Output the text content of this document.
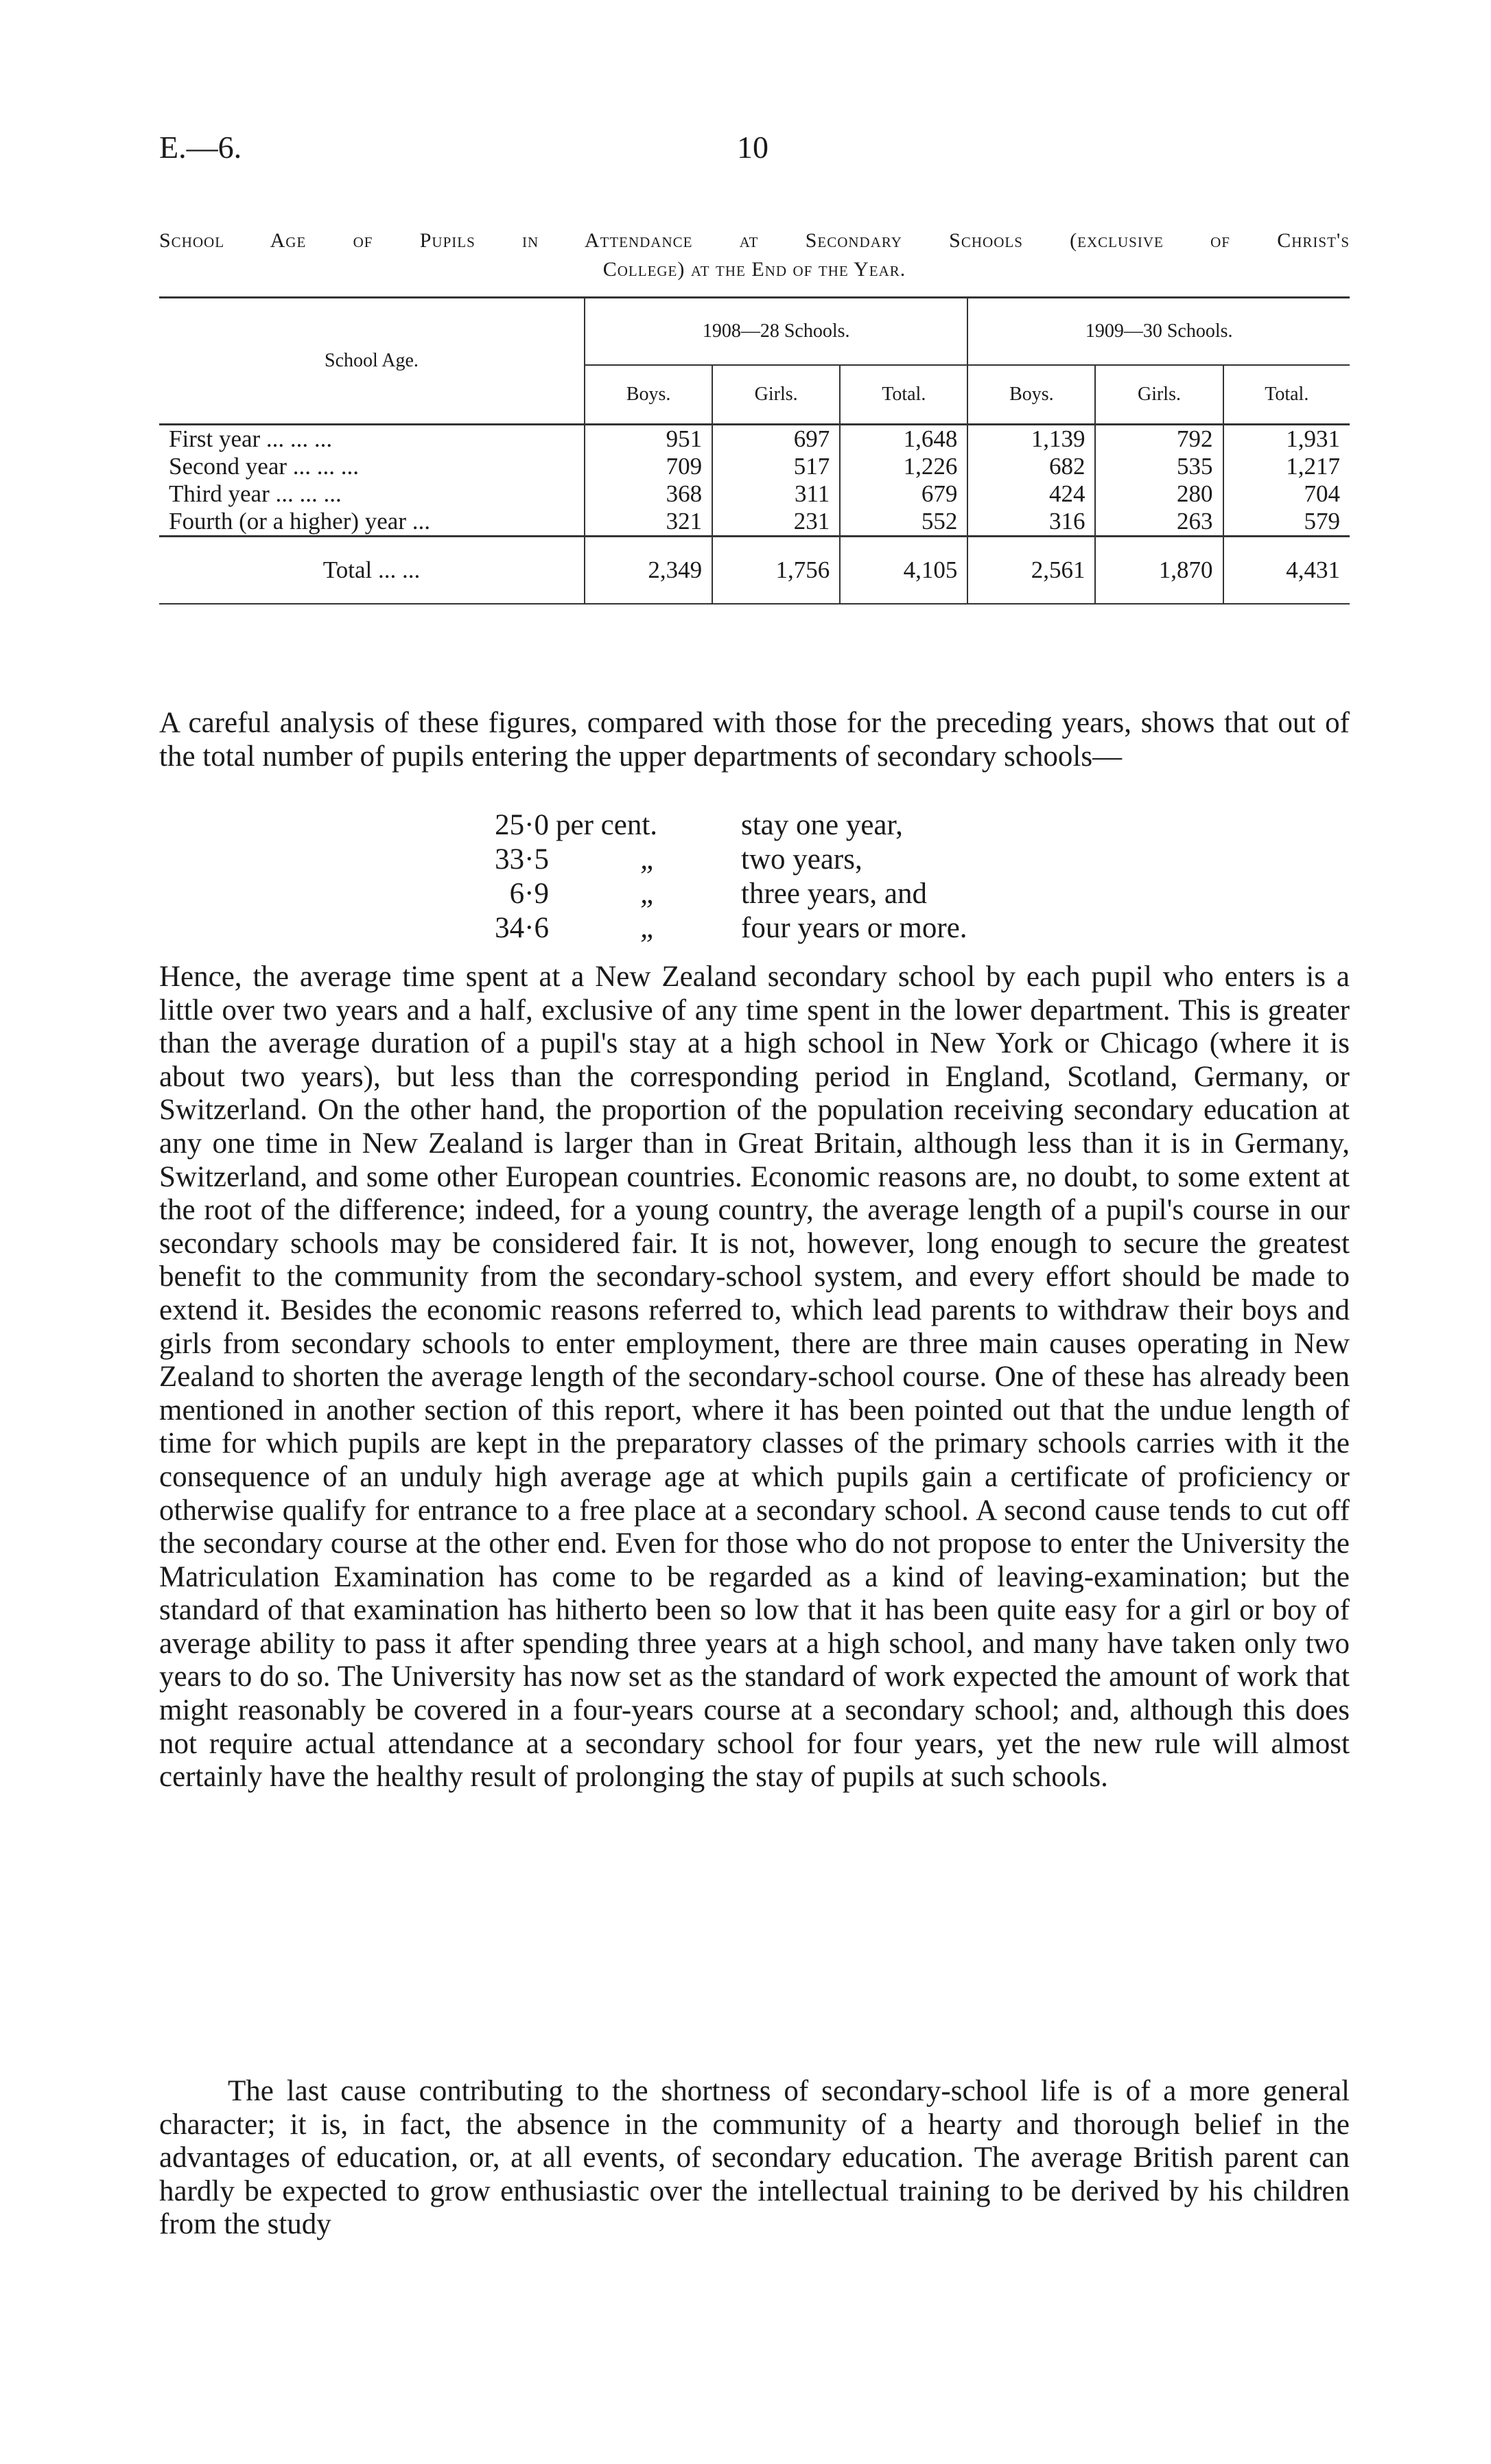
E.—6.	10
School Age of Pupils in Attendance at Secondary Schools (exclusive of Christ's
College) at the End of the Year.

School Age.	1908—28 Schools.			1909—30 Schools.		
	Boys.	Girls.	Total.	Boys.	Girls.	Total.

First year ... ... ...	951	697	1,648	1,139	792	1,931
Second year ... ... ...	709	517	1,226	682	535	1,217
Third year ... ... ...	368	311	679	424	280	704
Fourth (or a higher) year ...	321	231	552	316	263	579
Total ... ...	2,349	1,756	4,105	2,561	1,870	4,431

A careful analysis of these figures, compared with those for the preceding years, shows that out of the total number of pupils entering the upper departments of secondary schools—

25·0 per cent.	stay one year,
33·5	„	two years,
6·9	„	three years, and
34·6	„	four years or more.

Hence, the average time spent at a New Zealand secondary school by each pupil who enters is a little over two years and a half, exclusive of any time spent in the lower department. This is greater than the average duration of a pupil's stay at a high school in New York or Chicago (where it is about two years), but less than the corresponding period in England, Scotland, Germany, or Switzerland. On the other hand, the proportion of the population receiving secondary education at any one time in New Zealand is larger than in Great Britain, although less than it is in Germany, Switzerland, and some other European countries. Economic reasons are, no doubt, to some extent at the root of the difference; indeed, for a young country, the average length of a pupil's course in our secondary schools may be considered fair. It is not, however, long enough to secure the greatest benefit to the community from the secondary-school system, and every effort should be made to extend it. Besides the economic reasons referred to, which lead parents to withdraw their boys and girls from secondary schools to enter employment, there are three main causes operating in New Zealand to shorten the average length of the secondary-school course. One of these has already been mentioned in another section of this report, where it has been pointed out that the undue length of time for which pupils are kept in the preparatory classes of the primary schools carries with it the consequence of an unduly high average age at which pupils gain a certificate of proficiency or otherwise qualify for entrance to a free place at a secondary school. A second cause tends to cut off the secondary course at the other end. Even for those who do not propose to enter the University the Matriculation Examination has come to be regarded as a kind of leaving-examination; but the standard of that examination has hitherto been so low that it has been quite easy for a girl or boy of average ability to pass it after spending three years at a high school, and many have taken only two years to do so. The University has now set as the standard of work expected the amount of work that might reasonably be covered in a four-years course at a secondary school; and, although this does not require actual attendance at a secondary school for four years, yet the new rule will almost certainly have the healthy result of prolonging the stay of pupils at such schools.

The last cause contributing to the shortness of secondary-school life is of a more general character; it is, in fact, the absence in the community of a hearty and thorough belief in the advantages of education, or, at all events, of secondary education. The average British parent can hardly be expected to grow enthusiastic over the intellectual training to be derived by his children from the study
